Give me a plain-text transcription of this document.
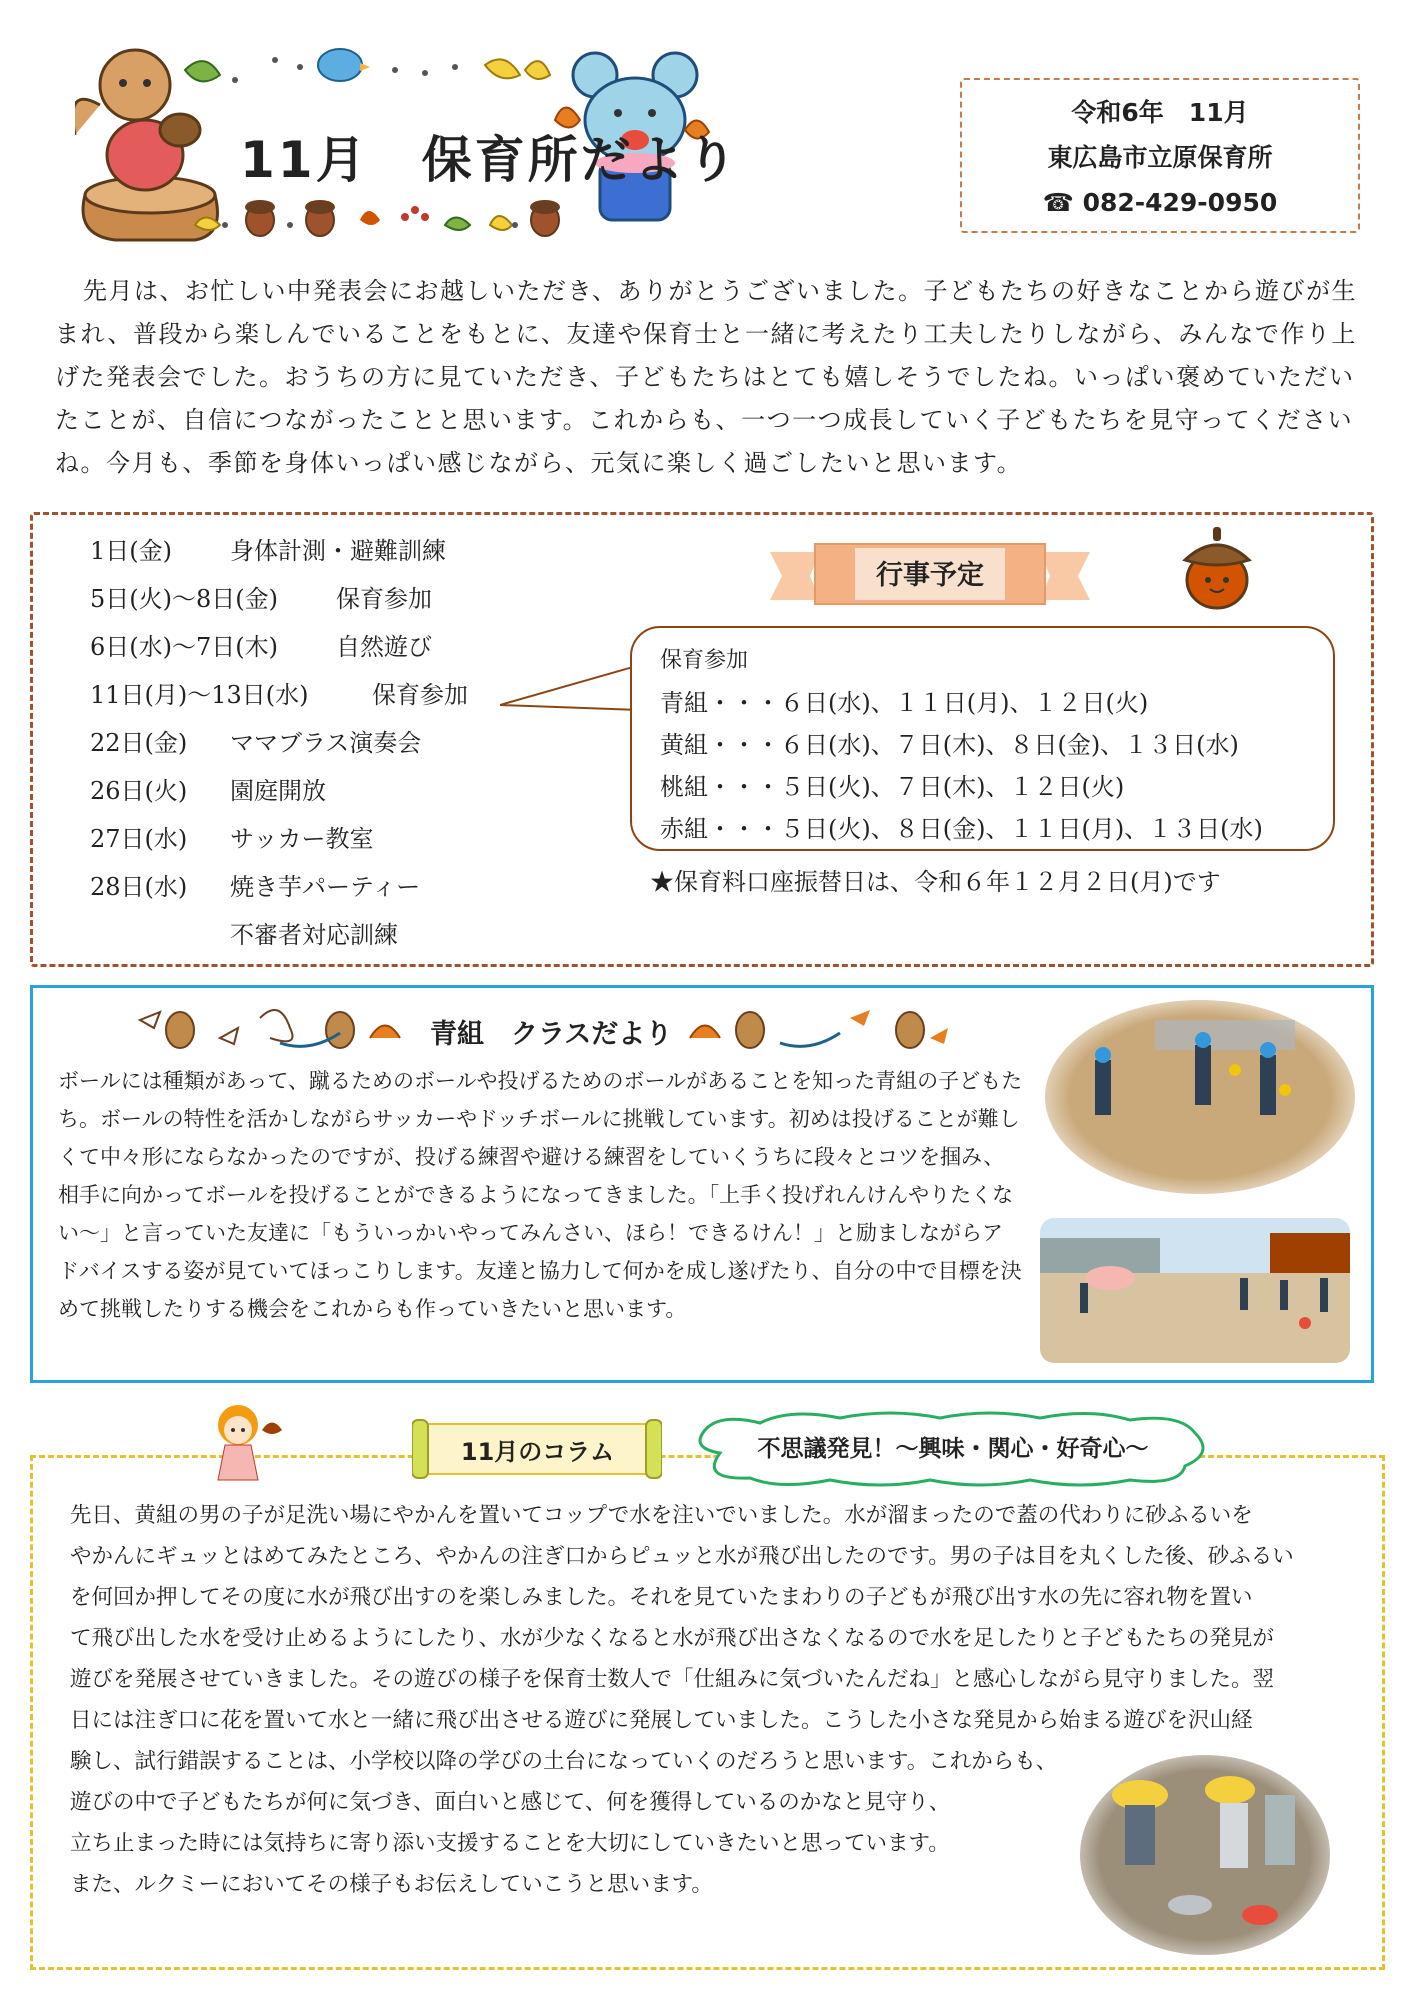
11月　保育所だより
令和6年　11月
東広島市立原保育所
☎ 082-429-0950
先月は、お忙しい中発表会にお越しいただき、ありがとうございました。子どもたちの好きなことから遊びが生まれ、普段から楽しんでいることをもとに、友達や保育士と一緒に考えたり工夫したりしながら、みんなで作り上げた発表会でした。おうちの方に見ていただき、子どもたちはとても嬉しそうでしたね。いっぱい褒めていただいたことが、自信につながったことと思います。これからも、一つ一つ成長していく子どもたちを見守ってくださいね。今月も、季節を身体いっぱい感じながら、元気に楽しく過ごしたいと思います。
1日(金)	身体計測・避難訓練
5日(火)～8日(金)	保育参加
6日(水)～7日(木)	自然遊び
11日(月)～13日(水)	保育参加
22日(金)	ママブラス演奏会
26日(火)	園庭開放
27日(水)	サッカー教室
28日(水)	焼き芋パーティー
不審者対応訓練
行事予定
保育参加
青組・・・６日(水)、１１日(月)、１２日(火)
黄組・・・６日(水)、７日(木)、８日(金)、１３日(水)
桃組・・・５日(火)、７日(木)、１２日(火)
赤組・・・５日(火)、８日(金)、１１日(月)、１３日(水)
★保育料口座振替日は、令和６年１２月２日(月)です
青組　クラスだより
ボールには種類があって、蹴るためのボールや投げるためのボールがあることを知った青組の子どもたち。ボールの特性を活かしながらサッカーやドッチボールに挑戦しています。初めは投げることが難しくて中々形にならなかったのですが、投げる練習や避ける練習をしていくうちに段々とコツを掴み、相手に向かってボールを投げることができるようになってきました。「上手く投げれんけんやりたくない～」と言っていた友達に「もういっかいやってみんさい、ほら！できるけん！」と励ましながらアドバイスする姿が見ていてほっこりします。友達と協力して何かを成し遂げたり、自分の中で目標を決めて挑戦したりする機会をこれからも作っていきたいと思います。
11月のコラム	不思議発見！～興味・関心・好奇心～
先日、黄組の男の子が足洗い場にやかんを置いてコップで水を注いでいました。水が溜まったので蓋の代わりに砂ふるいを
やかんにギュッとはめてみたところ、やかんの注ぎ口からピュッと水が飛び出したのです。男の子は目を丸くした後、砂ふるい
を何回か押してその度に水が飛び出すのを楽しみました。それを見ていたまわりの子どもが飛び出す水の先に容れ物を置い
て飛び出した水を受け止めるようにしたり、水が少なくなると水が飛び出さなくなるので水を足したりと子どもたちの発見が
遊びを発展させていきました。その遊びの様子を保育士数人で「仕組みに気づいたんだね」と感心しながら見守りました。翌
日には注ぎ口に花を置いて水と一緒に飛び出させる遊びに発展していました。こうした小さな発見から始まる遊びを沢山経
験し、試行錯誤することは、小学校以降の学びの土台になっていくのだろうと思います。これからも、
遊びの中で子どもたちが何に気づき、面白いと感じて、何を獲得しているのかなと見守り、
立ち止まった時には気持ちに寄り添い支援することを大切にしていきたいと思っています。
また、ルクミーにおいてその様子もお伝えしていこうと思います。
